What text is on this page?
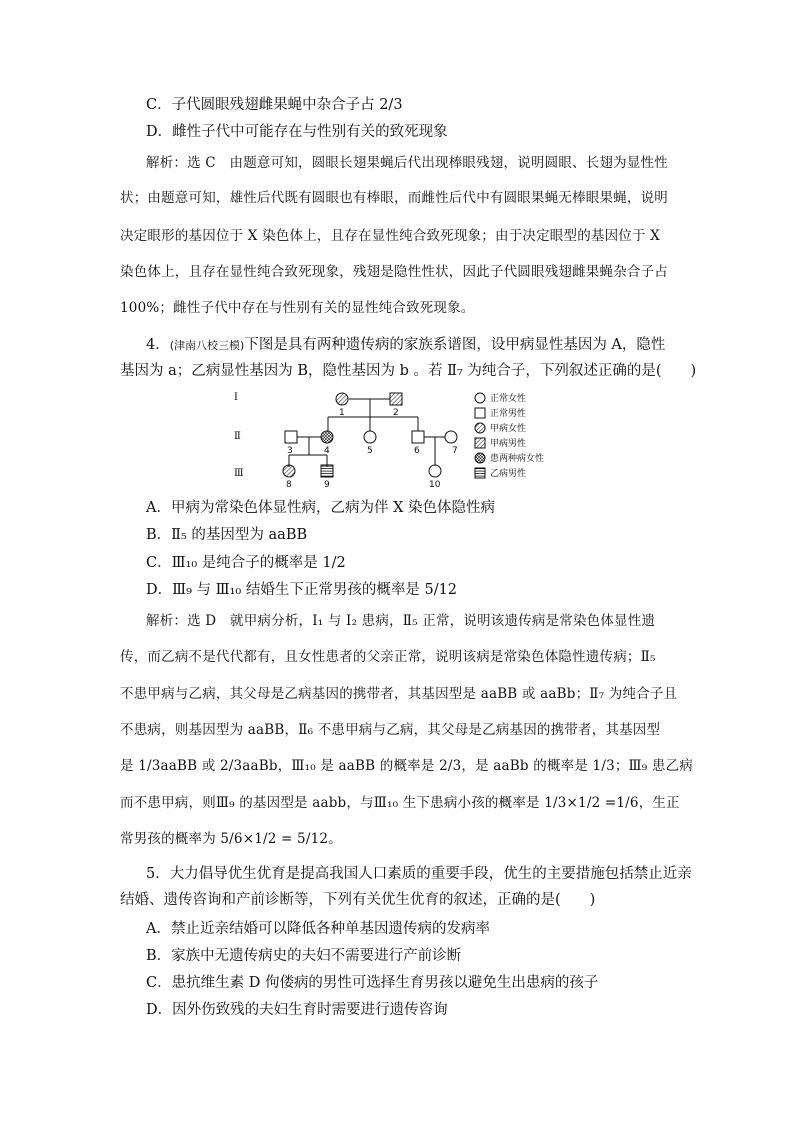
C．子代圆眼残翅雌果蝇中杂合子占 2/3
D．雌性子代中可能存在与性别有关的致死现象
解析：选 C　由题意可知，圆眼长翅果蝇后代出现棒眼残翅，说明圆眼、长翅为显性性
状；由题意可知，雄性后代既有圆眼也有棒眼，而雌性后代中有圆眼果蝇无棒眼果蝇，说明
决定眼形的基因位于 X 染色体上，且存在显性纯合致死现象；由于决定眼型的基因位于 X
染色体上，且存在显性纯合致死现象，残翅是隐性性状，因此子代圆眼残翅雌果蝇杂合子占
100%；雌性子代中存在与性别有关的显性纯合致死现象。
4．(津南八校三模)下图是具有两种遗传病的家族系谱图，设甲病显性基因为 A，隐性
基因为 a；乙病显性基因为 B，隐性基因为 b 。若 Ⅱ₇ 为纯合子，下列叙述正确的是(　　)
Ⅰ
Ⅱ
Ⅲ
1	2
3	4	5	6	7
8	9	10
正常女性
正常男性
甲病女性
甲病男性
患两种病女性
乙病男性
A．甲病为常染色体显性病，乙病为伴 X 染色体隐性病
B．Ⅱ₅ 的基因型为 aaBB
C．Ⅲ₁₀ 是纯合子的概率是 1/2
D．Ⅲ₉ 与 Ⅲ₁₀ 结婚生下正常男孩的概率是 5/12
解析：选 D　就甲病分析，Ⅰ₁ 与 Ⅰ₂ 患病，Ⅱ₅ 正常，说明该遗传病是常染色体显性遗
传，而乙病不是代代都有，且女性患者的父亲正常，说明该病是常染色体隐性遗传病；Ⅱ₅
不患甲病与乙病，其父母是乙病基因的携带者，其基因型是 aaBB 或 aaBb；Ⅱ₇ 为纯合子且
不患病，则基因型为 aaBB，Ⅱ₆ 不患甲病与乙病，其父母是乙病基因的携带者，其基因型
是 1/3aaBB 或 2/3aaBb，Ⅲ₁₀ 是 aaBB 的概率是 2/3，是 aaBb 的概率是 1/3；Ⅲ₉ 患乙病
而不患甲病，则Ⅲ₉ 的基因型是 aabb，与Ⅲ₁₀ 生下患病小孩的概率是 1/3×1/2 =1/6，生正
常男孩的概率为 5/6×1/2 = 5/12。
5．大力倡导优生优育是提高我国人口素质的重要手段，优生的主要措施包括禁止近亲
结婚、遗传咨询和产前诊断等，下列有关优生优育的叙述，正确的是(　　)
A．禁止近亲结婚可以降低各种单基因遗传病的发病率
B．家族中无遗传病史的夫妇不需要进行产前诊断
C．患抗维生素 D 佝偻病的男性可选择生育男孩以避免生出患病的孩子
D．因外伤致残的夫妇生育时需要进行遗传咨询
